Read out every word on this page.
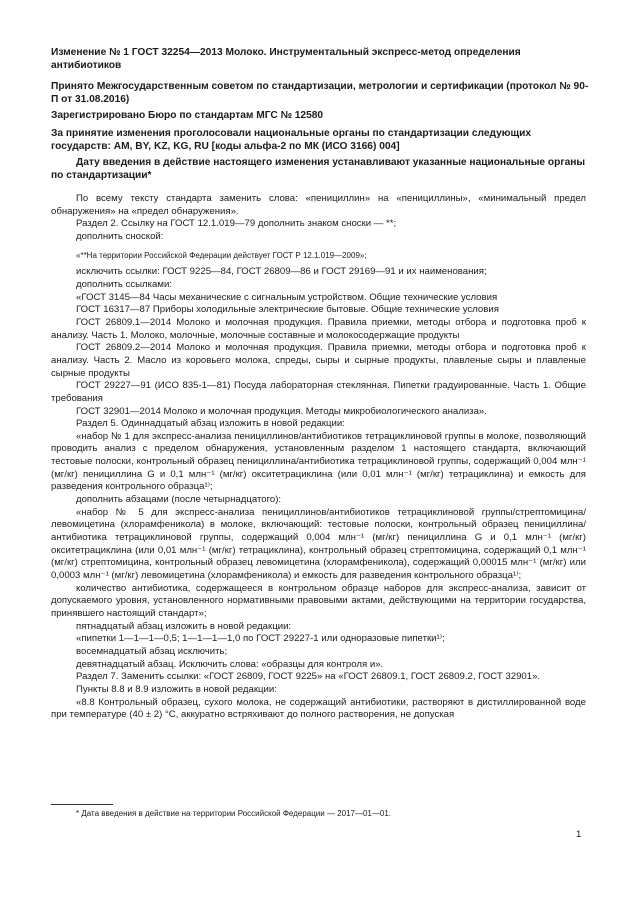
Изменение № 1 ГОСТ 32254—2013 Молоко. Инструментальный экспресс-метод определения антибиотиков

Принято Межгосударственным советом по стандартизации, метрологии и сертификации (протокол № 90-П от 31.08.2016)

Зарегистрировано Бюро по стандартам МГС № 12580

За принятие изменения проголосовали национальные органы по стандартизации следующих государств: AM, BY, KZ, KG, RU [коды альфа-2 по МК (ИСО 3166) 004]

Дату введения в действие настоящего изменения устанавливают указанные национальные органы по стандартизации*

По всему тексту стандарта заменить слова: «пенициллин» на «пенициллины», «минимальный предел обнаружения» на «предел обнаружения».

Раздел 2. Ссылку на ГОСТ 12.1.019—79 дополнить знаком сноски — **;

дополнить сноской:

«**На территории Российской Федерации действует ГОСТ Р 12.1.019—2009»;

исключить ссылки: ГОСТ 9225—84, ГОСТ 26809—86 и ГОСТ 29169—91 и их наименования;

дополнить ссылками:

«ГОСТ 3145—84 Часы механические с сигнальным устройством. Общие технические условия

ГОСТ 16317—87 Приборы холодильные электрические бытовые. Общие технические условия

ГОСТ 26809.1—2014 Молоко и молочная продукция. Правила приемки, методы отбора и подготовка проб к анализу. Часть 1. Молоко, молочные, молочные составные и молокосодержащие продукты

ГОСТ 26809.2—2014 Молоко и молочная продукция. Правила приемки, методы отбора и подготовка проб к анализу. Часть 2. Масло из коровьего молока, спреды, сыры и сырные продукты, плавленые сыры и плавленые сырные продукты

ГОСТ 29227—91 (ИСО 835-1—81) Посуда лабораторная стеклянная. Пипетки градуированные. Часть 1. Общие требования

ГОСТ 32901—2014 Молоко и молочная продукция. Методы микробиологического анализа».

Раздел 5. Одиннадцатый абзац изложить в новой редакции:

«набор № 1 для экспресс-анализа пенициллинов/антибиотиков тетрациклиновой группы в молоке, позволяющий проводить анализ с пределом обнаружения, установленным разделом 1 настоящего стандарта, включающий тестовые полоски, контрольный образец пенициллина/антибиотика тетрациклиновой группы, содержащий 0,004 млн⁻¹ (мг/кг) пенициллина G и 0,1 млн⁻¹ (мг/кг) окситетрациклина (или 0,01 млн⁻¹ (мг/кг) тетрациклина) и емкость для разведения контрольного образца¹⁾;

дополнить абзацами (после четырнадцатого):

«набор № 5 для экспресс-анализа пенициллинов/антибиотиков тетрациклиновой группы/стрептомицина/левомицетина (хлорамфеникола) в молоке, включающий: тестовые полоски, контрольный образец пенициллина/антибиотика тетрациклиновой группы, содержащий 0,004 млн⁻¹ (мг/кг) пенициллина G и 0,1 млн⁻¹ (мг/кг) окситетрациклина (или 0,01 млн⁻¹ (мг/кг) тетрациклина), контрольный образец стрептомицина, содержащий 0,1 млн⁻¹ (мг/кг) стрептомицина, контрольный образец левомицетина (хлорамфеникола), содержащий 0,00015 млн⁻¹ (мг/кг) или 0,0003 млн⁻¹ (мг/кг) левомицетина (хлорамфеникола) и емкость для разведения контрольного образца¹⁾;

количество антибиотика, содержащееся в контрольном образце наборов для экспресс-анализа, зависит от допускаемого уровня, установленного нормативными правовыми актами, действующими на территории государства, принявшего настоящий стандарт»;

пятнадцатый абзац изложить в новой редакции:

«пипетки 1—1—1—0,5; 1—1—1—1,0 по ГОСТ 29227-1 или одноразовые пипетки¹⁾;

восемнадцатый абзац исключить;

девятнадцатый абзац. Исключить слова: «образцы для контроля и».

Раздел 7. Заменить ссылки: «ГОСТ 26809, ГОСТ 9225» на «ГОСТ 26809.1, ГОСТ 26809.2, ГОСТ 32901».

Пункты 8.8 и 8.9 изложить в новой редакции:

«8.8 Контрольный образец, сухого молока, не содержащий антибиотики, растворяют в дистиллированной воде при температуре (40 ± 2) °С, аккуратно встряхивают до полного растворения, не допуская

* Дата введения в действие на территории Российской Федерации — 2017—01—01.

1
